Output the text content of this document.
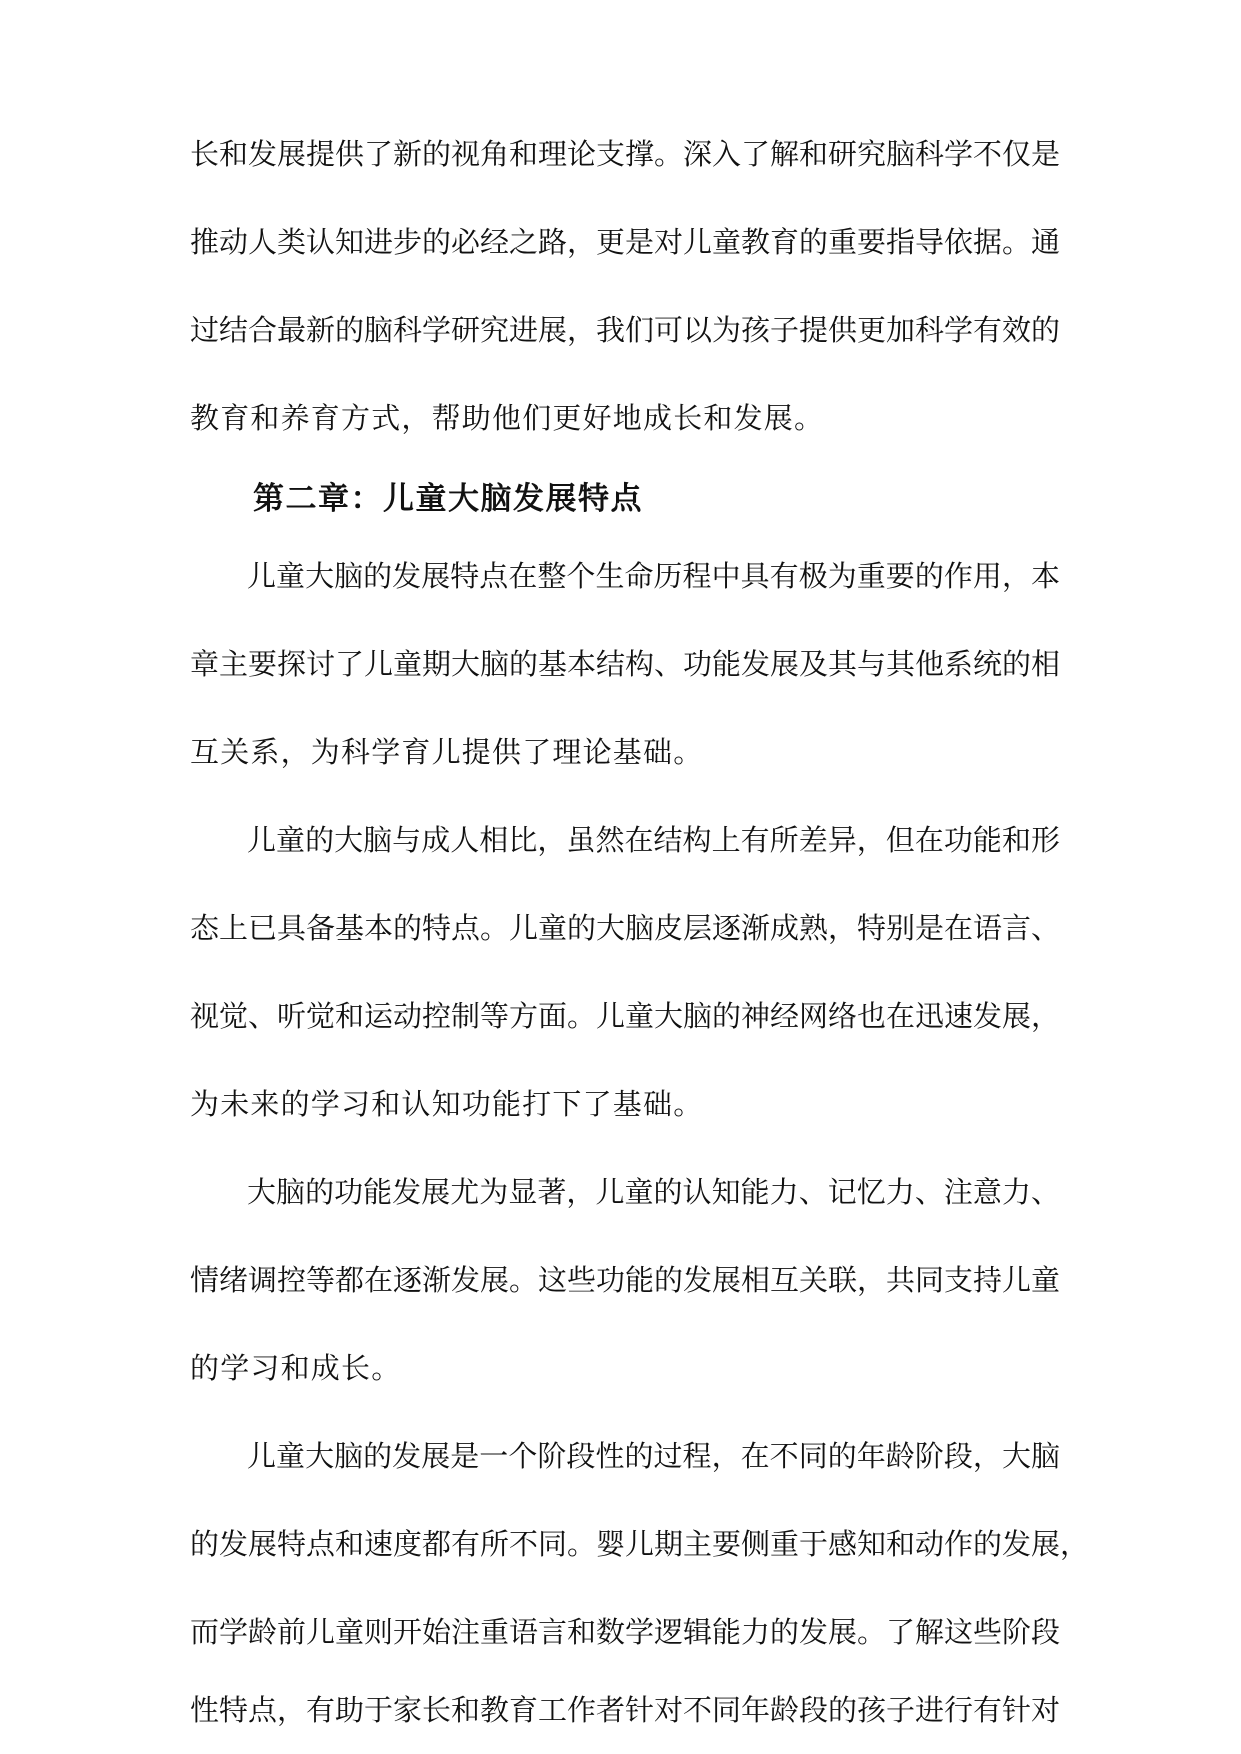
长和发展提供了新的视角和理论支撑。深入了解和研究脑科学不仅是
推动人类认知进步的必经之路，更是对儿童教育的重要指导依据。通
过结合最新的脑科学研究进展，我们可以为孩子提供更加科学有效的
教育和养育方式，帮助他们更好地成长和发展。
第二章：儿童大脑发展特点
儿童大脑的发展特点在整个生命历程中具有极为重要的作用，本
章主要探讨了儿童期大脑的基本结构、功能发展及其与其他系统的相
互关系，为科学育儿提供了理论基础。
儿童的大脑与成人相比，虽然在结构上有所差异，但在功能和形
态上已具备基本的特点。儿童的大脑皮层逐渐成熟，特别是在语言、
视觉、听觉和运动控制等方面。儿童大脑的神经网络也在迅速发展，
为未来的学习和认知功能打下了基础。
大脑的功能发展尤为显著，儿童的认知能力、记忆力、注意力、
情绪调控等都在逐渐发展。这些功能的发展相互关联，共同支持儿童
的学习和成长。
儿童大脑的发展是一个阶段性的过程，在不同的年龄阶段，大脑
的发展特点和速度都有所不同。婴儿期主要侧重于感知和动作的发展，
性特点，有助于家长和教育工作者针对不同年龄段的孩子进行有针对
而学龄前儿童则开始注重语言和数学逻辑能力的发展。了解这些阶段
